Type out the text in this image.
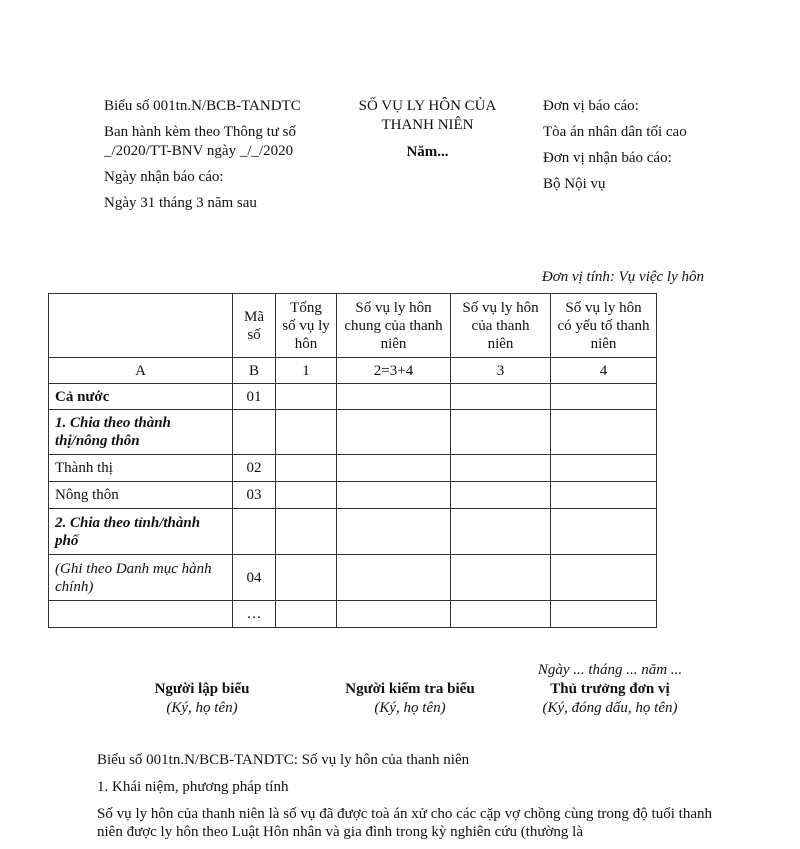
Biểu số 001tn.N/BCB-TANDTC

Ban hành kèm theo Thông tư số _/2020/TT-BNV ngày _/_/2020

Ngày nhận báo cáo:

Ngày 31 tháng 3 năm sau

SỐ VỤ LY HÔN CỦA THANH NIÊN

Năm...

Đơn vị báo cáo:

Tòa án nhân dân tối cao

Đơn vị nhận báo cáo:

Bộ Nội vụ

Đơn vị tính: Vụ việc ly hôn
	Mã số	Tổng số vụ ly hôn	Số vụ ly hôn chung của thanh niên	Số vụ ly hôn của thanh niên	Số vụ ly hôn có yếu tố thanh niên
A	B	1	2=3+4	3	4
Cả nước	01				
1. Chia theo thành thị/nông thôn					
Thành thị	02				
Nông thôn	03				
2. Chia theo tỉnh/thành phố					
(Ghi theo Danh mục hành chính)	04				
	…				
Ngày ... tháng ... năm ...
Người lập biểu
(Ký, họ tên)
Người kiểm tra biểu
(Ký, họ tên)
Thủ trưởng đơn vị
(Ký, đóng dấu, họ tên)

Biểu số 001tn.N/BCB-TANDTC: Số vụ ly hôn của thanh niên

1. Khái niệm, phương pháp tính

Số vụ ly hôn của thanh niên là số vụ đã được toà án xử cho các cặp vợ chồng cùng trong độ tuổi thanh niên được ly hôn theo Luật Hôn nhân và gia đình trong kỳ nghiên cứu (thường là
